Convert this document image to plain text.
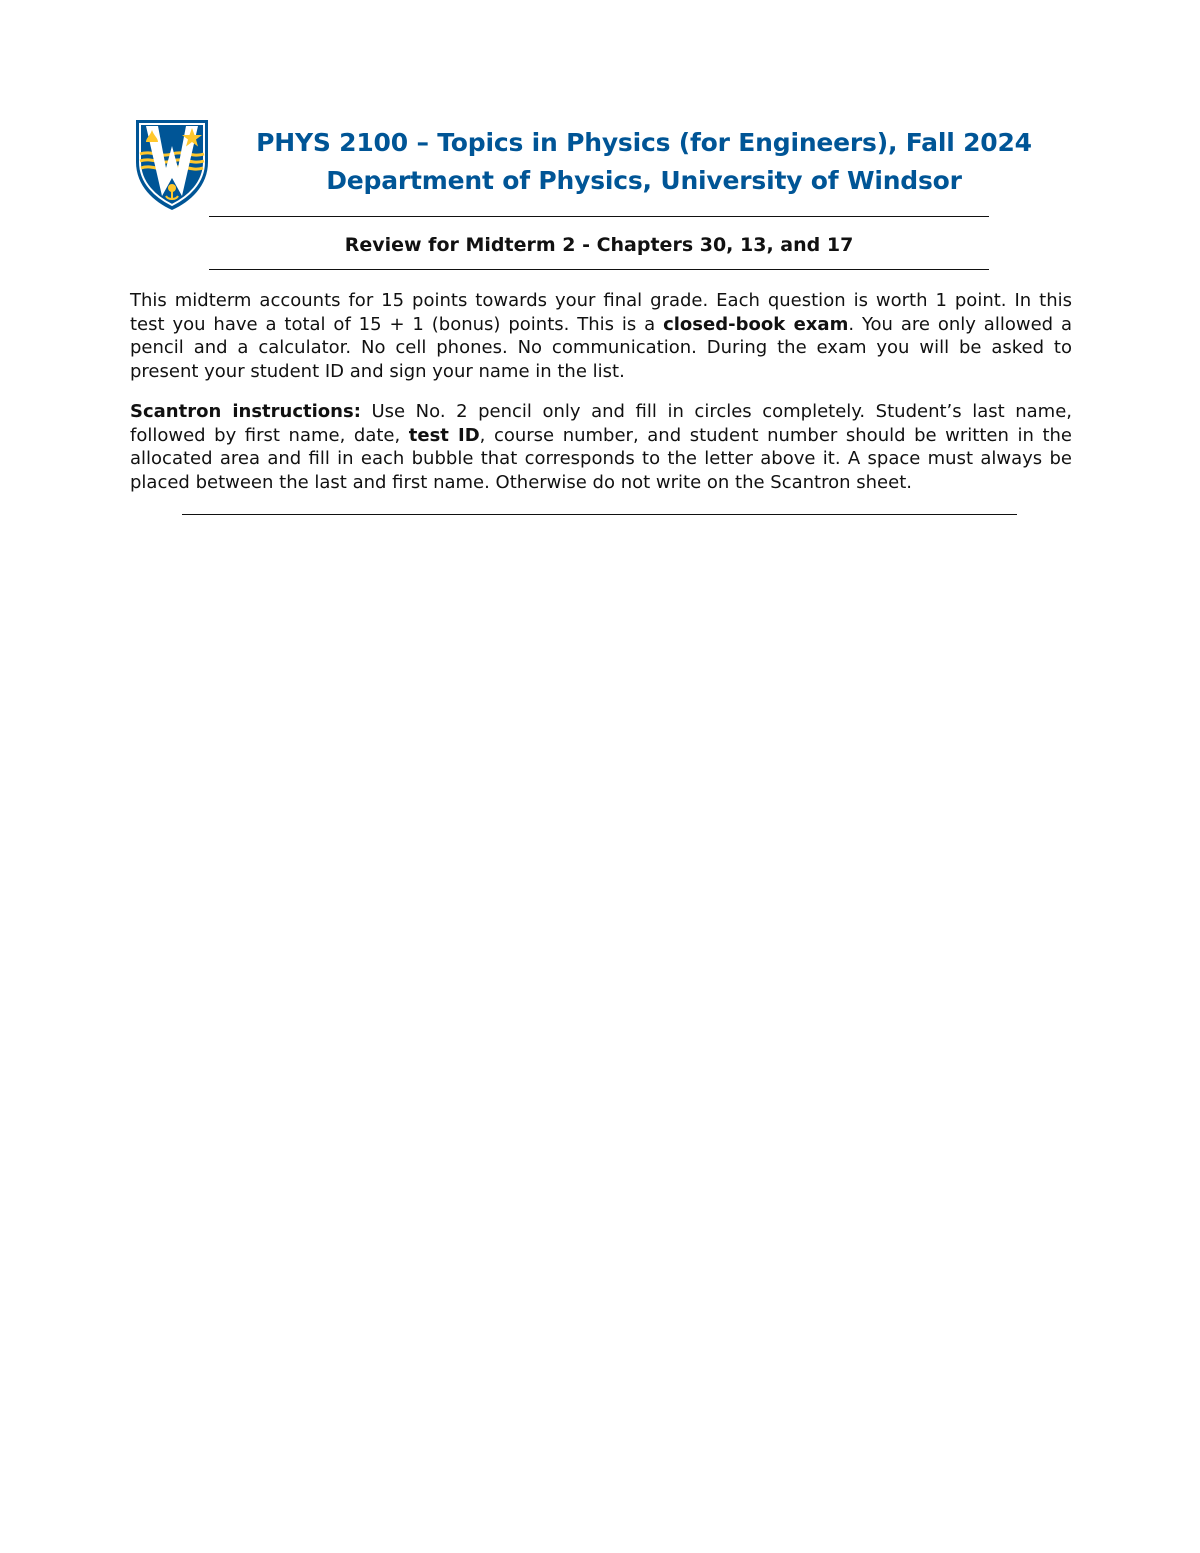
PHYS 2100 – Topics in Physics (for Engineers), Fall 2024
Department of Physics, University of Windsor
Review for Midterm 2 - Chapters 30, 13, and 17
This midterm accounts for 15 points towards your final grade. Each question is worth 1 point. In this test you have a total of 15 + 1 (bonus) points. This is a closed-book exam. You are only allowed a pencil and a calculator. No cell phones. No communication. During the exam you will be asked to present your student ID and sign your name in the list.
Scantron instructions: Use No. 2 pencil only and fill in circles completely. Student’s last name, followed by first name, date, test ID, course number, and student number should be written in the allocated area and fill in each bubble that corresponds to the letter above it. A space must always be placed between the last and first name. Otherwise do not write on the Scantron sheet.
